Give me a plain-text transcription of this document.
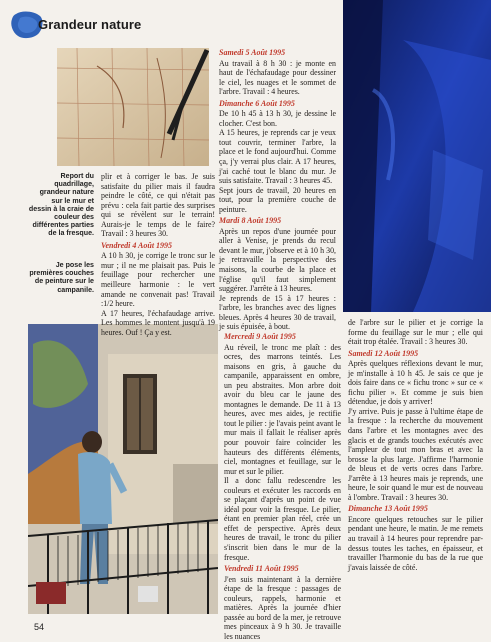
Grandeur nature
Report du quadrillage, grandeur nature sur le mur et dessin à la craie de couleur des différentes parties de la fresque.
Je pose les premières couches de peinture sur le campanile.
Samedi 5 Août 1995

Au travail à 8 h 30 : je monte en haut de l'échafaudage pour dessiner le ciel, les nuages et le sommet de l'arbre. Travail : 4 heures.

Dimanche 6 Août 1995

De 10 h 45 à 13 h 30, je dessine le clocher. C'est bon.
A 15 heures, je reprends car je veux tout couvrir, terminer l'arbre, la place et le fond aujourd'hui. Comme ça, j'y verrai plus clair. A 17 heures, j'ai caché tout le blanc du mur. Je suis satisfaite. Travail : 3 heures 45.
Sept jours de travail, 20 heures en tout, pour la première couche de peinture.

Mardi 8 Août 1995

Après un repos d'une journée pour aller à Venise, je prends du recul devant le mur, j'observe et à 10 h 30, je retravaille la perspective des maisons, la courbe de la place et l'église qu'il faut simplement suggérer. J'arrête à 13 heures.
Je reprends de 15 à 17 heures : l'arbre, les branches avec des lignes bleues. Après 4 heures 30 de travail, je suis épuisée, à bout.

plir et à corriger le bas. Je suis satisfaite du pilier mais il faudra peindre le côté, ce qui n'était pas prévu : cela fait partie des surprises qui se révèlent sur le terrain! Aurais-je le temps de le faire? Travail : 3 heures 30.

Vendredi 4 Août 1995

A 10 h 30, je corrige le tronc sur le mur ; il ne me plaisait pas. Puis le feuillage pour rechercher une meilleure harmonie : le vert amande ne convenait pas! Travail :1/2 heure.
A 17 heures, l'échafaudage arrive. Les hommes le montent jusqu'à 19 heures. Ouf ! Ça y est.	Mercredi 9 Août 1995

Au réveil, le tronc me plaît : des ocres, des marrons teintés. Les maisons en gris, à gauche du campanile, apparaissent en ombre, un peu abstraites. Mon arbre doit avoir du bleu car le jaune des montagnes le demande. De 11 à 13 heures, avec mes aides, je rectifie tout le pilier : je l'avais peint avant le mur mais il fallait le réaliser après pour pouvoir faire coïncider les hauteurs des différents éléments, ciel, montagnes et feuillage, sur le mur et sur le pilier.
Il a donc fallu redescendre les couleurs et exécuter les raccords en se plaçant d'après un point de vue idéal pour voir la fresque. Le pilier, étant en premier plan réel, crée un effet de perspective. Après deux heures de travail, le tronc du pilier s'inscrit bien dans le mur de la fresque.

Vendredi 11 Août 1995

J'en suis maintenant à la dernière étape de la fresque : passages de couleurs, rappels, harmonie et matières. Après la journée d'hier passée au bord de la mer, je retrouve mes pinceaux à 9 h 30. Je travaille les nuances

de l'arbre sur le pilier et je corrige la forme du feuillage sur le mur ; elle qui était trop étalée. Travail : 3 heures 30.

Samedi 12 Août 1995

Après quelques réflexions devant le mur, je m'installe à 10 h 45. Je sais ce que je dois faire dans ce « fichu tronc » sur ce « fichu pilier ». Et comme je suis bien détendue, je dois y arriver!
J'y arrive. Puis je passe à l'ultime étape de la fresque : la recherche du mouvement dans l'arbre et les montagnes avec des glacis et de grands touches exécutés avec l'ampleur de tout mon bras et avec la brosse la plus large. J'affirme l'harmonie de bleus et de verts ocres dans l'arbre. J'arrête à 13 heures mais je reprends, une heure, le soir quand le mur est de nouveau à l'ombre. Travail : 3 heures 30.

Dimanche 13 Août 1995

Encore quelques retouches sur le pilier pendant une heure, le matin. Je me remets au travail à 14 heures pour reprendre par-dessus toutes les taches, en épaisseur, et travailler l'harmonie du bas de la rue que j'avais laissée de côté.

54
